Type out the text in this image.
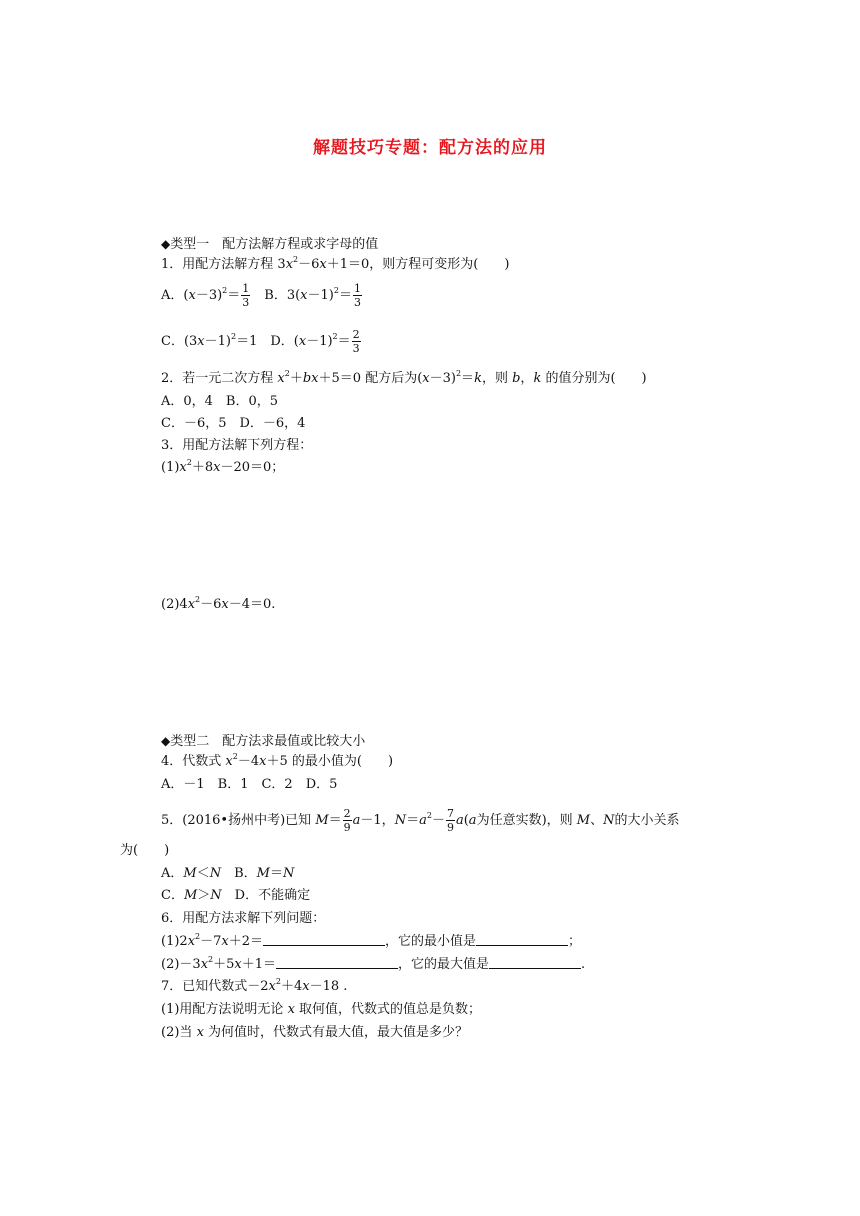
解题技巧专题：配方法的应用
◆类型一　配方法解方程或求字母的值
1．用配方法解方程 $3x^2-6x+1=0$，则方程可变形为(　　)
A．$(x-3)^2= \frac{1}{3}$ 　B．$3(x-1)^2= \frac{1}{3}$
C．$(3x-1)^2=1$　D．$(x-1)^2= \frac{2}{3}$
2．若一元二次方程 $x^2+bx+5=0$ 配方后为$(x-3)^2=k$，则 b，k 的值分别为(　　)
A．0，4　B．0，5
C．－6，5　D．－6，4
3．用配方法解下列方程：
$(1)x^2+8x-20=0$；
$(2)4x^2-6x-4=0$.
◆类型二　配方法求最值或比较大小
4．代数式 $x^2-4x+5$ 的最小值为(　　)
A．－1　B．1　C．2　D．5
5．(2016•扬州中考)已知 $M= \frac{2}{9} a-1$，$N=a^2- \frac{7}{9} a(a$为任意实数)，则 M、N的大小关系
为(　　)
A．M＜N　B．M＝N
C．M＞N　D．不能确定
6．用配方法求解下列问题：
$(1)2x^2-7x+2=$	，它的最小值是	；
$(2)-3x^2+5x+1=$	，它的最大值是	.
7．已知代数式$-2x^2+4x-18$ .
(1)用配方法说明无论 x 取何值，代数式的值总是负数；
(2)当 x 为何值时，代数式有最大值，最大值是多少？
